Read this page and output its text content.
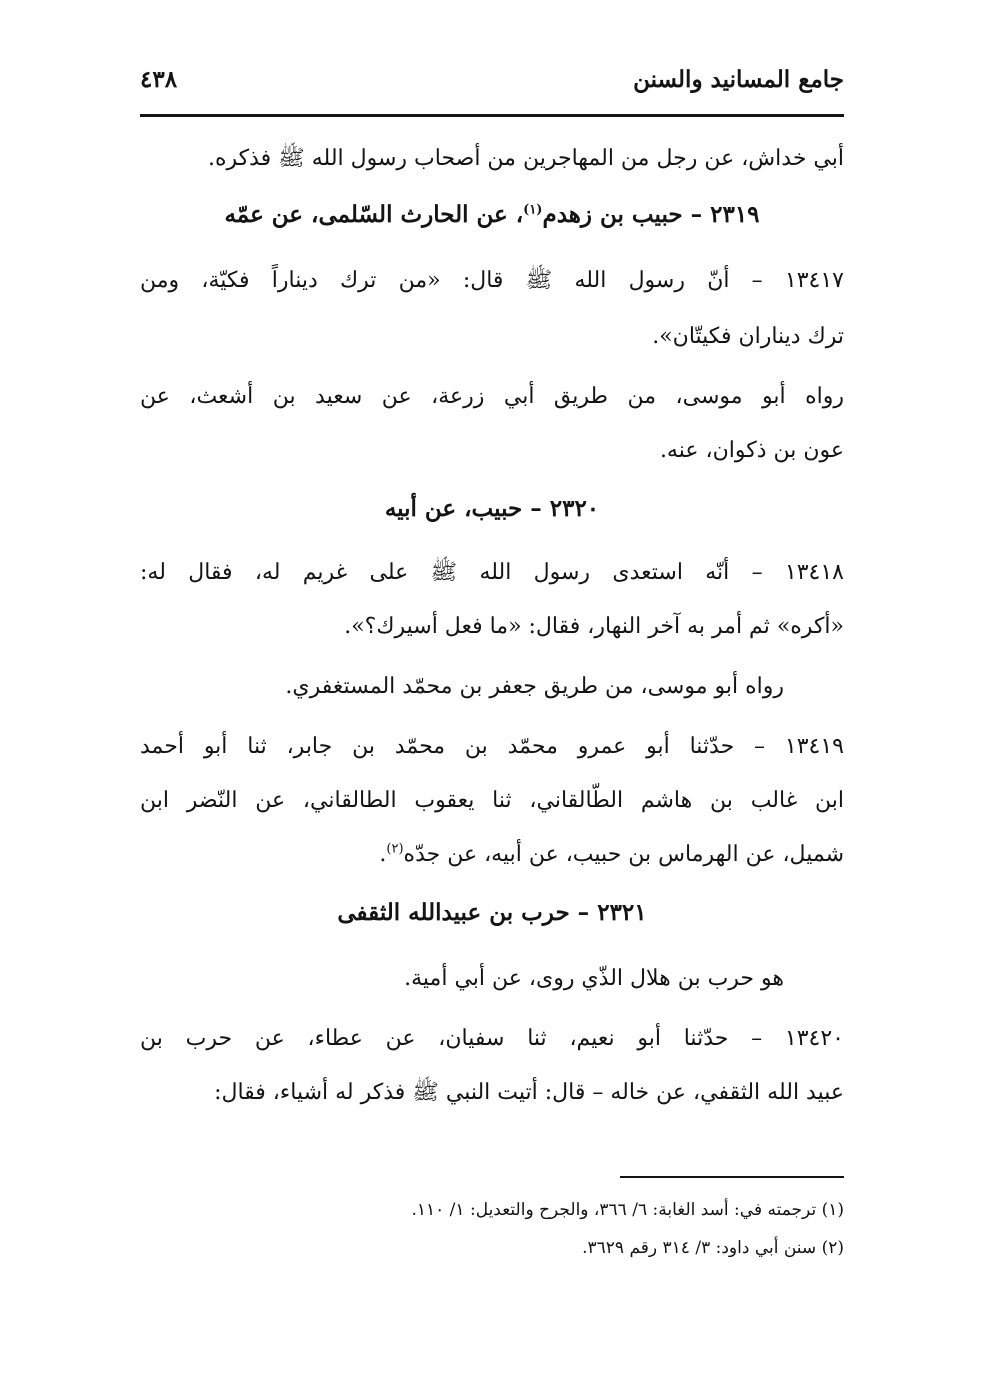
جامع المسانيد والسنن
٤٣٨
أبي خداش، عن رجل من المهاجرين من أصحاب رسول الله ﷺ فذكره.
٢٣١٩ – حبيب بن زهدم$^{(١)}$، عن الحارث السّلمى، عن عمّه
١٣٤١٧ – أنّ رسول الله ﷺ قال: «من ترك ديناراً فكيّة، ومن
ترك ديناران فكيتّان».
رواه أبو موسى، من طريق أبي زرعة، عن سعيد بن أشعث، عن
عون بن ذكوان، عنه.
٢٣٢٠ – حبيب، عن أبيه
١٣٤١٨ – أنّه استعدى رسول الله ﷺ على غريم له، فقال له:
«أكره» ثم أمر به آخر النهار، فقال: «ما فعل أسيرك؟».
رواه أبو موسى، من طريق جعفر بن محمّد المستغفري.
١٣٤١٩ – حدّثنا أبو عمرو محمّد بن محمّد بن جابر، ثنا أبو أحمد
ابن غالب بن هاشم الطّالقاني، ثنا يعقوب الطالقاني، عن النّضر ابن
شميل، عن الهرماس بن حبيب، عن أبيه، عن جدّه$^{(٢)}$.
٢٣٢١ – حرب بن عبيدالله الثقفى
هو حرب بن هلال الذّي روى، عن أبي أمية.
١٣٤٢٠ – حدّثنا أبو نعيم، ثنا سفيان، عن عطاء، عن حرب بن
عبيد الله الثقفي، عن خاله – قال: أتيت النبي ﷺ فذكر له أشياء، فقال:
(١) ترجمته في: أسد الغابة: ٦/ ٣٦٦، والجرح والتعديل: ١/ ١١٠.
(٢) سنن أبي داود: ٣/ ٣١٤ رقم ٣٦٢٩.
